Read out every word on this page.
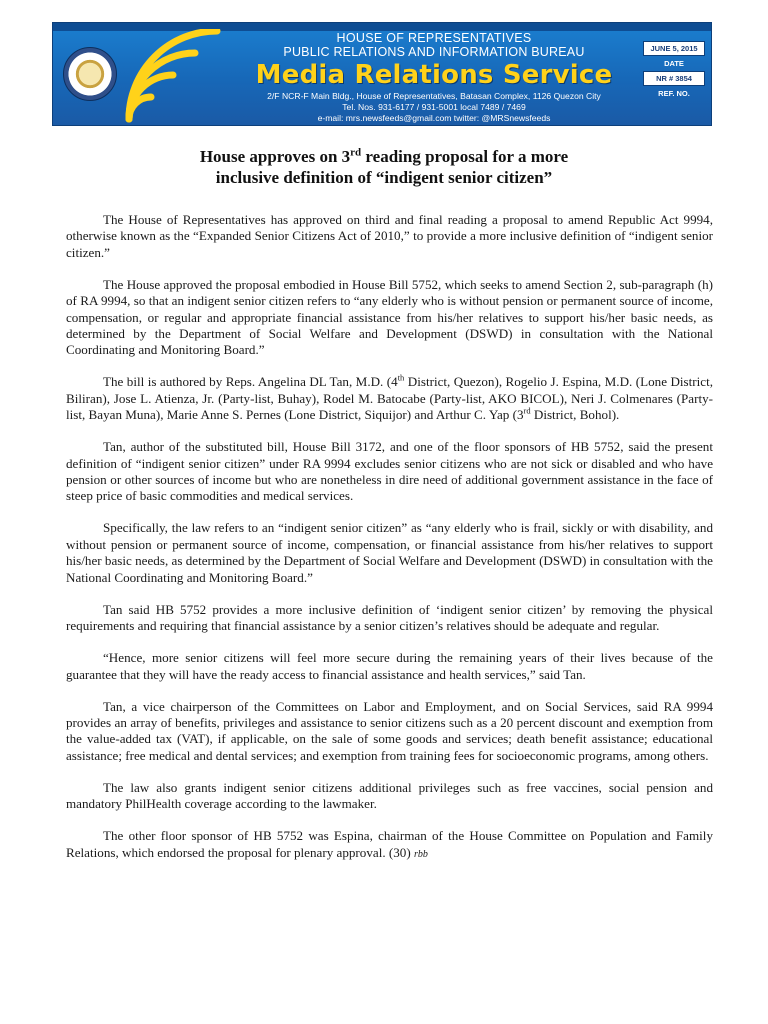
HOUSE OF REPRESENTATIVES
PUBLIC RELATIONS AND INFORMATION BUREAU
Media Relations Service
2/F NCR-F Main Bldg., House of Representatives, Batasan Complex, 1126 Quezon City
Tel. Nos. 931-6177 / 931-5001 local 7489 / 7469
e-mail: mrs.newsfeeds@gmail.com twitter: @MRSnewsfeeds
JUNE 5, 2015
DATE
NR # 3854
REF. NO.
House approves on 3rd reading proposal for a more
inclusive definition of “indigent senior citizen”

The House of Representatives has approved on third and final reading a proposal to amend Republic Act 9994, otherwise known as the “Expanded Senior Citizens Act of 2010,” to provide a more inclusive definition of “indigent senior citizen.”

The House approved the proposal embodied in House Bill 5752, which seeks to amend Section 2, sub-paragraph (h) of RA 9994, so that an indigent senior citizen refers to “any elderly who is without pension or permanent source of income, compensation, or regular and appropriate financial assistance from his/her relatives to support his/her basic needs, as determined by the Department of Social Welfare and Development (DSWD) in consultation with the National Coordinating and Monitoring Board.”

The bill is authored by Reps. Angelina DL Tan, M.D. (4th District, Quezon), Rogelio J. Espina, M.D. (Lone District, Biliran), Jose L. Atienza, Jr. (Party-list, Buhay), Rodel M. Batocabe (Party-list, AKO BICOL), Neri J. Colmenares (Party-list, Bayan Muna), Marie Anne S. Pernes (Lone District, Siquijor) and Arthur C. Yap (3rd District, Bohol).

Tan, author of the substituted bill, House Bill 3172, and one of the floor sponsors of HB 5752, said the present definition of “indigent senior citizen” under RA 9994 excludes senior citizens who are not sick or disabled and who have pension or other sources of income but who are nonetheless in dire need of additional government assistance in the face of steep price of basic commodities and medical services.

Specifically, the law refers to an “indigent senior citizen” as “any elderly who is frail, sickly or with disability, and without pension or permanent source of income, compensation, or financial assistance from his/her relatives to support his/her basic needs, as determined by the Department of Social Welfare and Development (DSWD) in consultation with the National Coordinating and Monitoring Board.”

Tan said HB 5752 provides a more inclusive definition of ‘indigent senior citizen’ by removing the physical requirements and requiring that financial assistance by a senior citizen’s relatives should be adequate and regular.

“Hence, more senior citizens will feel more secure during the remaining years of their lives because of the guarantee that they will have the ready access to financial assistance and health services,” said Tan.

Tan, a vice chairperson of the Committees on Labor and Employment, and on Social Services, said RA 9994 provides an array of benefits, privileges and assistance to senior citizens such as a 20 percent discount and exemption from the value-added tax (VAT), if applicable, on the sale of some goods and services; death benefit assistance; educational assistance; free medical and dental services; and exemption from training fees for socioeconomic programs, among others.

The law also grants indigent senior citizens additional privileges such as free vaccines, social pension and mandatory PhilHealth coverage according to the lawmaker.

The other floor sponsor of HB 5752 was Espina, chairman of the House Committee on Population and Family Relations, which endorsed the proposal for plenary approval. (30) rbb
